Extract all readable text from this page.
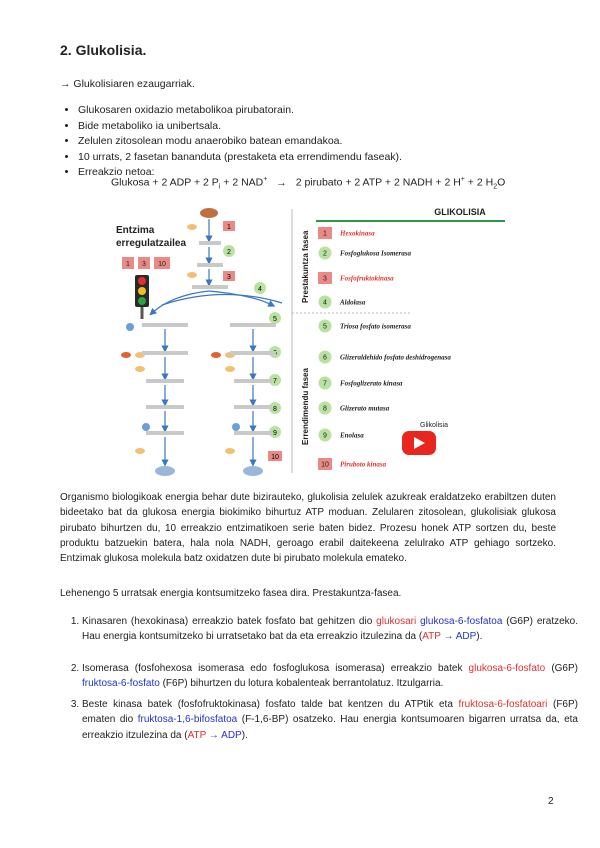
2. Glukolisia.
→ Glukolisiaren ezaugarriak.
• Glukosaren oxidazio metabolikoa pirubatorain.
• Bide metaboliko ia unibertsala.
• Zelulen zitosolean modu anaerobiko batean emandakoa.
• 10 urrats, 2 fasetan bananduta (prestaketa eta errendimendu faseak).
• Erreakzio netoa:
Glukosa + 2 ADP + 2 $P_i + 2$ NAD+ → 2 pirubato + 2 ATP + 2 NADH + 2 H+ + 2 $H_2O$
Entzima
erregulatzailea
1 3 10
1
2
3
4
5
7
8
9
10
Prestakuntza fasea
Errendimendu fasea
GLIKOLISIA
1 Hexokinasa
2 Fosfoglukosa Isomerasa
3 Fosfofruktokinasa
4 Aldolasa
5 Triosa fosfato isomerasa
6 Glizeraldehido fosfato deshidrogenasa
7 Fosfoglizerato kinasa
8 Glizerato mutasa
9 Enolasa
10 Piruboto kinasa
Glikolisia
Organismo biologikoak energia behar dute bizirauteko, glukolisia zelulek azukreak eraldatzeko erabiltzen duten bideetako bat da glukosa energia biokimiko bihurtuz ATP moduan. Zelularen zitosolean, glukolisiak glukosa pirubato bihurtzen du, 10 erreakzio entzimatikoen serie baten bidez. Prozesu honek ATP sortzen du, beste produktu batzuekin batera, hala nola NADH, geroago erabil daitekeena zelulrako ATP gehiago sortzeko. Entzimak glukosa molekula batz oxidatzen dute bi pirubato molekula emateko.
Lehenengo 5 urratsak energia kontsumitzeko fasea dira. Prestakuntza-fasea.
1. Kinasaren (hexokinasa) erreakzio batek fosfato bat gehitzen dio glukosari glukosa-6-fosfatoa (G6P) eratzeko. Hau energia kontsumitzeko bi urratsetako bat da eta erreakzio itzulezina da (ATP → ADP).
2. Isomerasa (fosfohexosa isomerasa edo fosfoglukosa isomerasa) erreakzio batek glukosa-6-fosfato (G6P) fruktosa-6-fosfato (F6P) bihurtzen du lotura kobalenteak berrantolatuz. Itzulgarria.
3. Beste kinasa batek (fosfofruktokinasa) fosfato talde bat kentzen du ATPtik eta fruktosa-6-fosfatoari (F6P) ematen dio fruktosa-1,6-bifosfatoa (F-1,6-BP) osatzeko. Hau energia kontsumoaren bigarren urratsa da, eta erreakzio itzulezina da (ATP → ADP).
2
